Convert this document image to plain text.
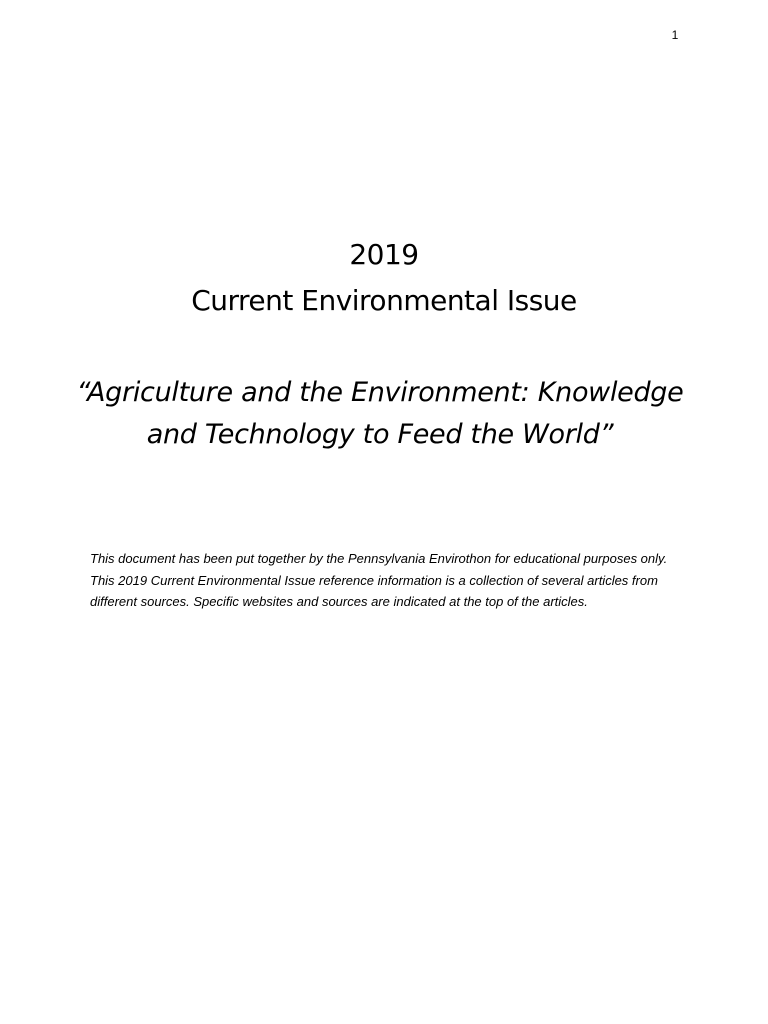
1
2019
Current Environmental Issue
“Agriculture and the Environment: Knowledge
and Technology to Feed the World”

This document has been put together by the Pennsylvania Envirothon for educational purposes only. This 2019 Current Environmental Issue reference information is a collection of several articles from different sources. Specific websites and sources are indicated at the top of the articles.
